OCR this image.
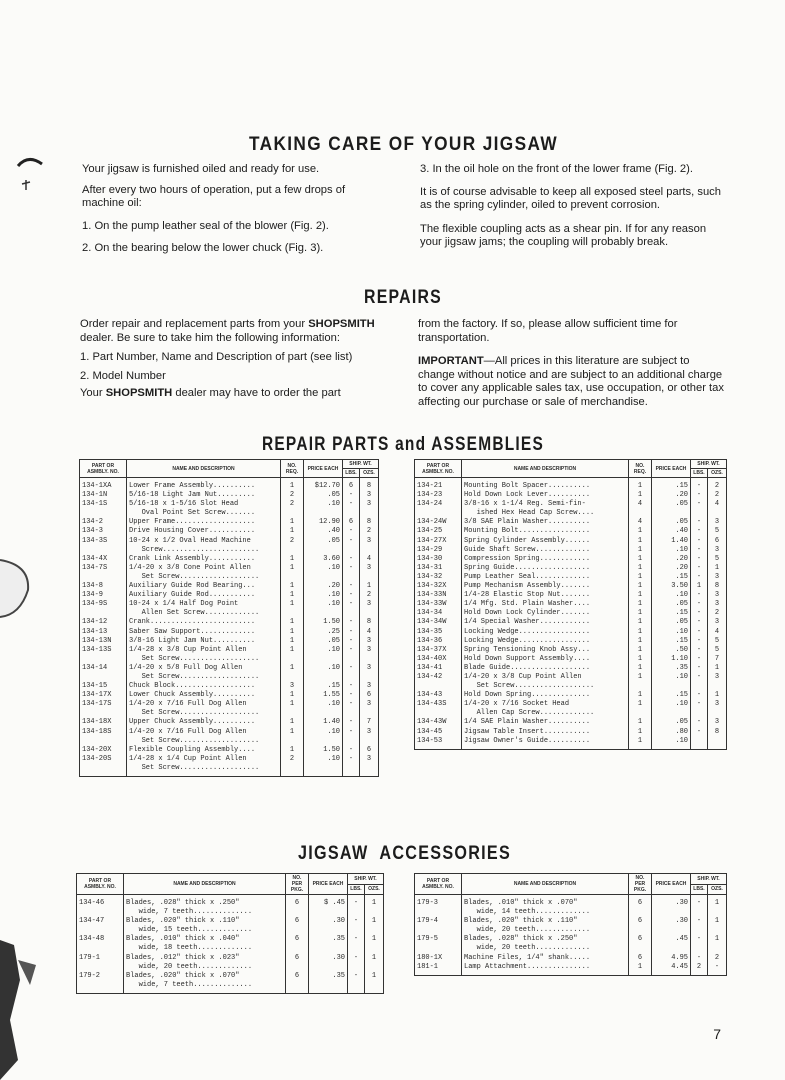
TAKING CARE OF YOUR JIGSAW

Your jigsaw is furnished oiled and ready for use.

After every two hours of operation, put a few drops of machine oil:

1. On the pump leather seal of the blower (Fig. 2).

2. On the bearing below the lower chuck (Fig. 3).

3. In the oil hole on the front of the lower frame (Fig. 2).

It is of course advisable to keep all exposed steel parts, such as the spring cylinder, oiled to prevent corrosion.

The flexible coupling acts as a shear pin. If for any reason your jigsaw jams; the coupling will probably break.

REPAIRS

Order repair and replacement parts from your SHOPSMITH dealer. Be sure to take him the following information:

1. Part Number, Name and Description of part (see list)

2. Model Number

Your SHOPSMITH dealer may have to order the part

from the factory. If so, please allow sufficient time for transportation.

IMPORTANT—All prices in this literature are subject to change without notice and are subject to an additional charge to cover any applicable sales tax, use occupation, or other tax affecting our purchase or sale of merchandise.

REPAIR PARTS and ASSEMBLIES
PART OR ASMBLY. NO.	NAME AND DESCRIPTION	NO. REQ.	PRICE EACH	SHIP. WT.	
				LBS.	OZS.
134-1XA	Lower Frame Assembly..........	1	$12.70	6	8
134-1N	5/16-18 Light Jam Nut.........	2	.05	-	3
134-1S	5/16-18 x 1-5/16 Slot Head
Oval Point Set Screw.......	2	.10	-	3
134-2	Upper Frame...................	1	12.90	6	8
134-3	Drive Housing Cover...........	1	.40	-	2
134-3S	10-24 x 1/2 Oval Head Machine
Screw.......................	2	.05	-	3
134-4X	Crank Link Assembly...........	1	3.60	-	4
134-7S	1/4-20 x 3/8 Cone Point Allen
Set Screw...................	1	.10	-	3
134-8	Auxiliary Guide Rod Bearing...	1	.20	-	1
134-9	Auxiliary Guide Rod...........	1	.10	-	2
134-9S	10-24 x 1/4 Half Dog Point
Allen Set Screw.............	1	.10	-	3
134-12	Crank.........................	1	1.50	-	8
134-13	Saber Saw Support.............	1	.25	-	4
134-13N	3/8-16 Light Jam Nut..........	1	.05	-	3
134-13S	1/4-28 x 3/8 Cup Point Allen
Set Screw...................	1	.10	-	3
134-14	1/4-20 x 5/8 Full Dog Allen
Set Screw...................	1	.10	-	3
134-15	Chuck Block...................	3	.15	-	3
134-17X	Lower Chuck Assembly..........	1	1.55	-	6
134-17S	1/4-20 x 7/16 Full Dog Allen
Set Screw...................	1	.10	-	3
134-18X	Upper Chuck Assembly..........	1	1.40	-	7
134-18S	1/4-20 x 7/16 Full Dog Allen
Set Screw...................	1	.10	-	3
134-20X	Flexible Coupling Assembly....	1	1.50	-	6
134-20S	1/4-28 x 1/4 Cup Point Allen
Set Screw...................	2	.10	-	3
PART OR ASMBLY. NO.	NAME AND DESCRIPTION	NO. REQ.	PRICE EACH	SHIP. WT.	
				LBS.	OZS.
134-21	Mounting Bolt Spacer..........	1	.15	-	2
134-23	Hold Down Lock Lever..........	1	.20	-	2
134-24	3/8-16 x 1-1/4 Reg. Semi-fin-
ished Hex Head Cap Screw....	4	.05	-	4
134-24W	3/8 SAE Plain Washer..........	4	.05	-	3
134-25	Mounting Bolt.................	1	.40	-	5
134-27X	Spring Cylinder Assembly......	1	1.40	-	6
134-29	Guide Shaft Screw.............	1	.10	-	3
134-30	Compression Spring............	1	.20	-	5
134-31	Spring Guide..................	1	.20	-	1
134-32	Pump Leather Seal.............	1	.15	-	3
134-32X	Pump Mechanism Assembly.......	1	3.50	1	8
134-33N	1/4-28 Elastic Stop Nut.......	1	.10	-	3
134-33W	1/4 Mfg. Std. Plain Washer....	1	.05	-	3
134-34	Hold Down Lock Cylinder.......	1	.15	-	2
134-34W	1/4 Special Washer............	1	.05	-	3
134-35	Locking Wedge.................	1	.10	-	4
134-36	Locking Wedge.................	1	.15	-	5
134-37X	Spring Tensioning Knob Assy...	1	.50	-	5
134-40X	Hold Down Support Assembly....	1	1.10	-	7
134-41	Blade Guide...................	1	.35	-	1
134-42	1/4-20 x 3/8 Cup Point Allen
Set Screw...................	1	.10	-	3
134-43	Hold Down Spring..............	1	.15	-	1
134-43S	1/4-20 x 7/16 Socket Head
Allen Cap Screw.............	1	.10	-	3
134-43W	1/4 SAE Plain Washer..........	1	.05	-	3
134-45	Jigsaw Table Insert...........	1	.80	-	8
134-53	Jigsaw Owner's Guide..........	1	.10		
JIGSAW  ACCESSORIES
PART OR ASMBLY. NO.	NAME AND DESCRIPTION	NO. PER PKG.	PRICE EACH	SHIP. WT.	
				LBS.	OZS.
134-46	Blades, .028" thick x .250"
wide, 7 teeth..............	6	$ .45	-	1
134-47	Blades, .020" thick x .110"
wide, 15 teeth.............	6	.30	-	1
134-48	Blades, .010" thick x .040"
wide, 18 teeth.............	6	.35	-	1
179-1	Blades, .012" thick x .023"
wide, 20 teeth.............	6	.30	-	1
179-2	Blades, .020" thick x .070"
wide, 7 teeth..............	6	.35	-	1
PART OR ASMBLY. NO.	NAME AND DESCRIPTION	NO. PER PKG.	PRICE EACH	SHIP. WT.	
				LBS.	OZS.
179-3	Blades, .010" thick x .070"
wide, 14 teeth.............	6	.30	-	1
179-4	Blades, .020" thick x .110"
wide, 20 teeth.............	6	.30	-	1
179-5	Blades, .028" thick x .250"
wide, 20 teeth.............	6	.45	-	1
180-1X	Machine Files, 1/4" shank.....	6	4.95	-	2
181-1	Lamp Attachment...............	1	4.45	2	-
7
